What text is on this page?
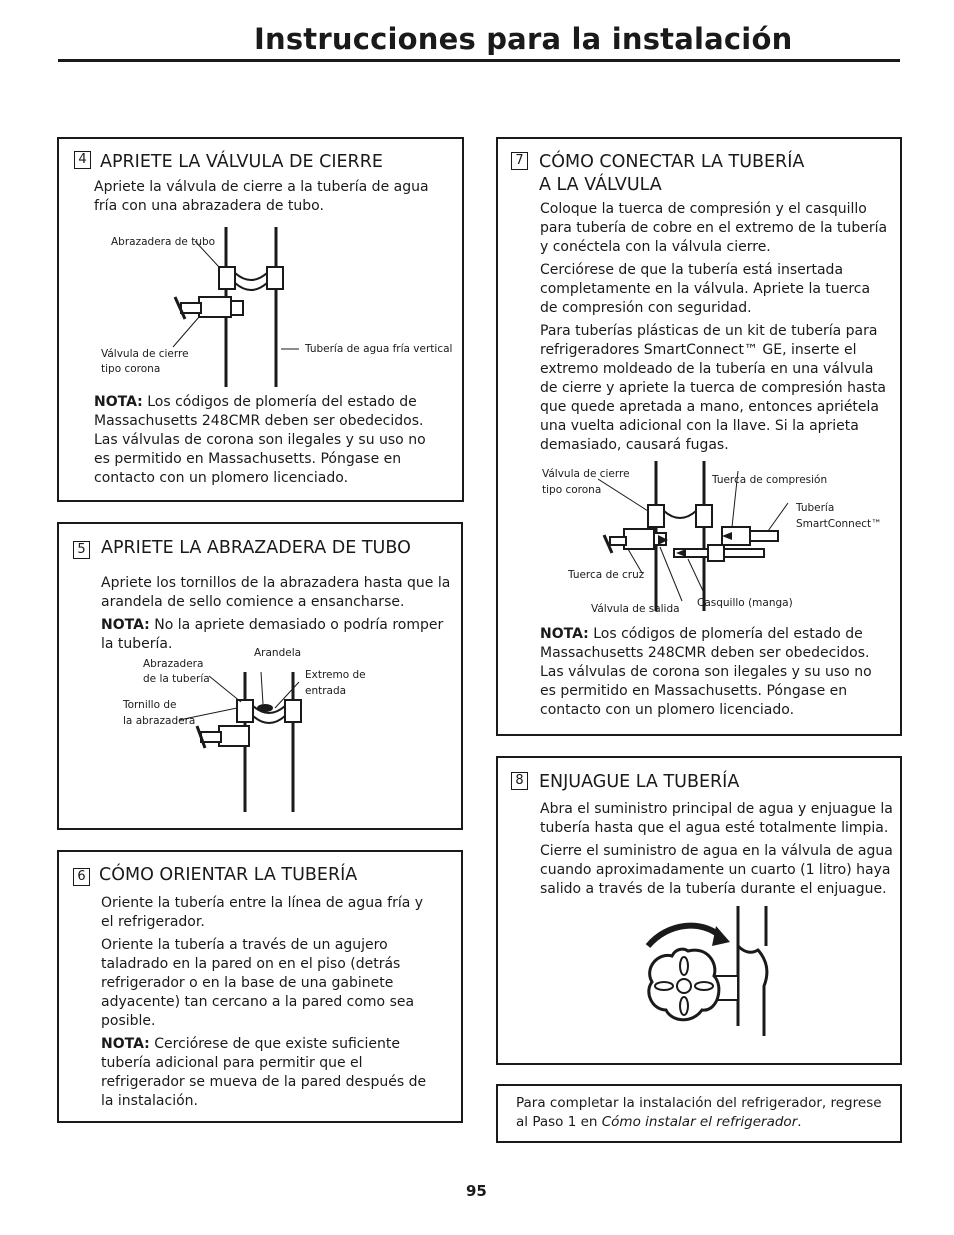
Instrucciones para la instalación
4 APRIETE LA VÁLVULA DE CIERRE
Apriete la válvula de cierre a la tubería de agua fría con una abrazadera de tubo.
Abrazadera de tubo
Válvula de cierre
tipo corona
Tubería de agua fría vertical
NOTA: Los códigos de plomería del estado de Massachusetts 248CMR deben ser obedecidos. Las válvulas de corona son ilegales y su uso no es permitido en Massachusetts. Póngase en contacto con un plomero licenciado.
5 APRIETE LA ABRAZADERA DE TUBO
Apriete los tornillos de la abrazadera hasta que la arandela de sello comience a ensancharse.
NOTA: No la apriete demasiado o podría romper la tubería.
Abrazadera
de la tubería
Arandela
Extremo de
entrada
Tornillo de
la abrazadera
6 CÓMO ORIENTAR LA TUBERÍA

Oriente la tubería entre la línea de agua fría y el refrigerador.

Oriente la tubería a través de un agujero taladrado en la pared on en el piso (detrás refrigerador o en la base de una gabinete adyacente) tan cercano a la pared como sea posible.

NOTA: Cerciórese de que existe suficiente tubería adicional para permitir que el refrigerador se mueva de la pared después de la instalación.

7 CÓMO CONECTAR LA TUBERÍA
A LA VÁLVULA

Coloque la tuerca de compresión y el casquillo para tubería de cobre en el extremo de la tubería y conéctela con la válvula cierre.

Cerciórese de que la tubería está insertada completamente en la válvula. Apriete la tuerca de compresión con seguridad.

Para tuberías plásticas de un kit de tubería para refrigeradores SmartConnect™ GE, inserte el extremo moldeado de la tubería en una válvula de cierre y apriete la tuerca de compresión hasta que quede apretada a mano, entonces apriételа una vuelta adicional con la llave. Si la aprieta demasiado, causará fugas.

Válvula de cierre
tipo corona
Tuerca de compresión
Tubería
SmartConnect™
Tuerca de cruz
Casquillo (manga)
Válvula de salida
NOTA: Los códigos de plomería del estado de Massachusetts 248CMR deben ser obedecidos. Las válvulas de corona son ilegales y su uso no es permitido en Massachusetts. Póngase en contacto con un plomero licenciado.
8 ENJUAGUE LA TUBERÍA

Abra el suministro principal de agua y enjuague la tubería hasta que el agua esté totalmente limpia.

Cierre el suministro de agua en la válvula de agua cuando aproximadamente un cuarto (1 litro) haya salido a través de la tubería durante el enjuague.

Para completar la instalación del refrigerador, regrese al Paso 1 en Cómo instalar el refrigerador.
95
